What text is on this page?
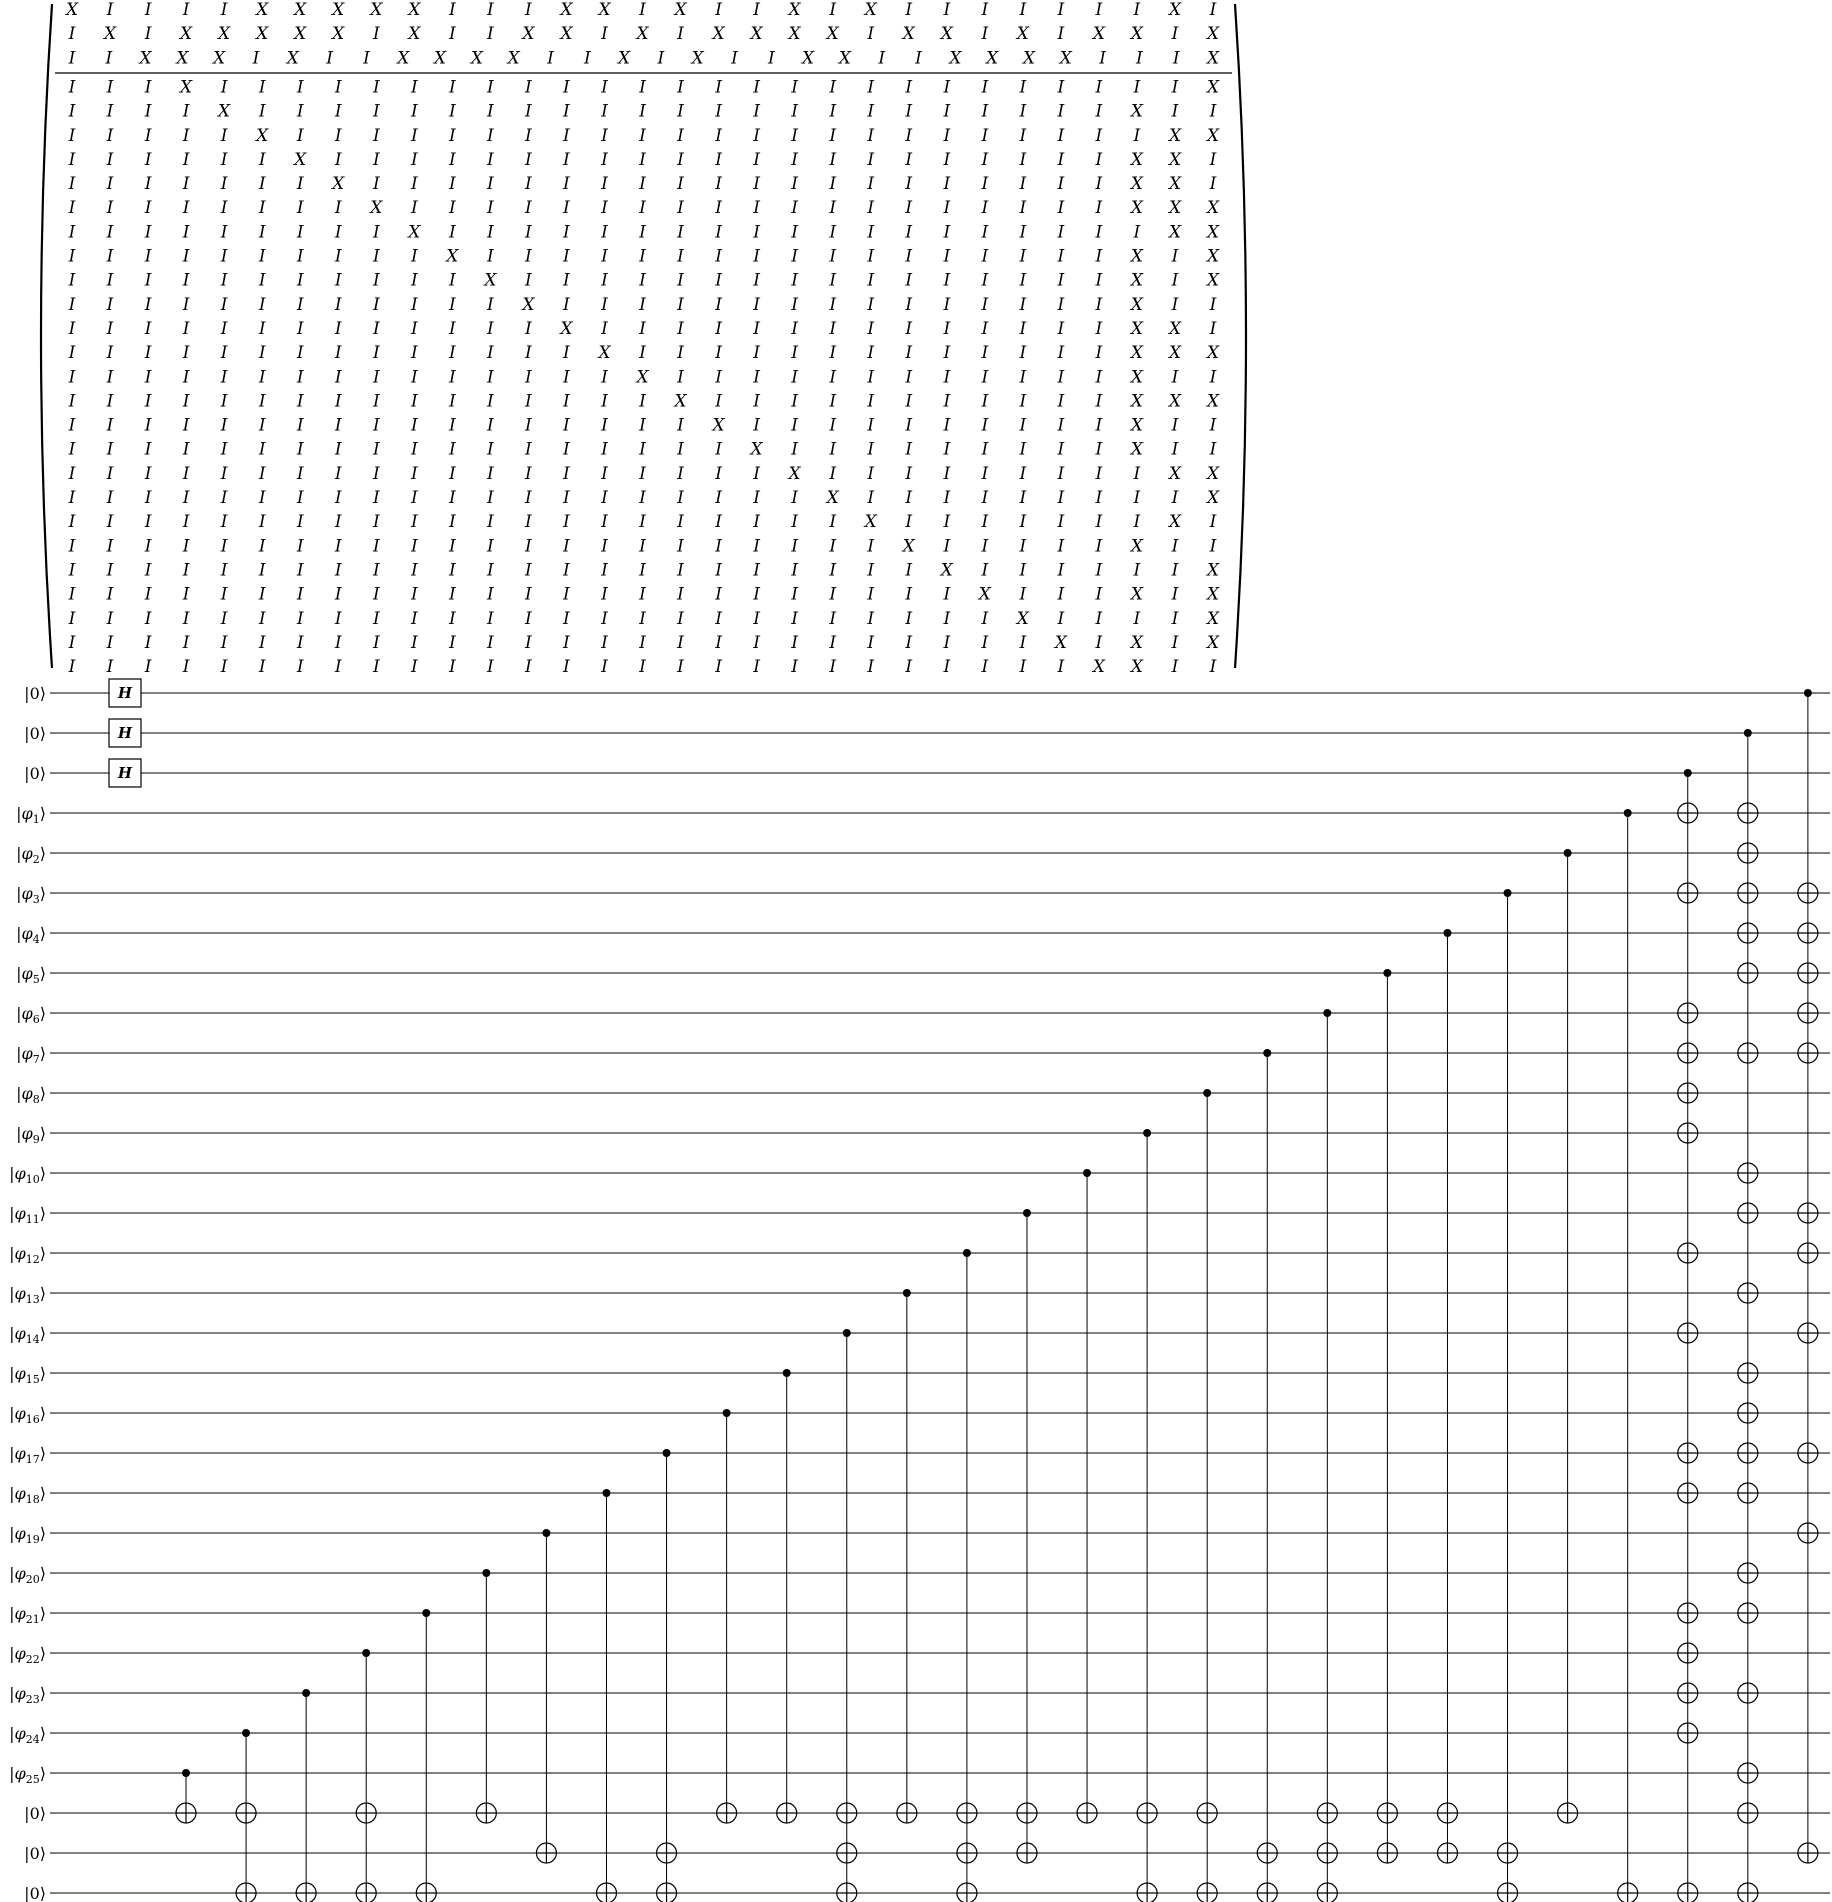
X I I I I X X X X X I I I X X I X I I X I X I I I I I I I X I
I X I X X X X X I X I I X X I X I X X X X I X X I X I X X I X
I I X X X I X I I X X X X I I X I X I I X X I I X X X X I I I X
I I I X I I I I I I I I I I I I I I I I I I I I I I I I I I X
I I I I X I I I I I I I I I I I I I I I I I I I I I I I X I I
I I I I I X I I I I I I I I I I I I I I I I I I I I I I I X X
I I I I I I X I I I I I I I I I I I I I I I I I I I I I X X I
I I I I I I I X I I I I I I I I I I I I I I I I I I I I X X I
I I I I I I I I X I I I I I I I I I I I I I I I I I I I X X X
I I I I I I I I I X I I I I I I I I I I I I I I I I I I I X X
I I I I I I I I I I X I I I I I I I I I I I I I I I I I X I X
I I I I I I I I I I I X I I I I I I I I I I I I I I I I X I X
I I I I I I I I I I I I X I I I I I I I I I I I I I I I X I I
I I I I I I I I I I I I I X I I I I I I I I I I I I I I X X I
I I I I I I I I I I I I I I X I I I I I I I I I I I I I X X X
I I I I I I I I I I I I I I I X I I I I I I I I I I I I X I I
I I I I I I I I I I I I I I I I X I I I I I I I I I I I X X X
I I I I I I I I I I I I I I I I I X I I I I I I I I I I X I I
I I I I I I I I I I I I I I I I I I X I I I I I I I I I X I I
I I I I I I I I I I I I I I I I I I I X I I I I I I I I I X X
I I I I I I I I I I I I I I I I I I I I X I I I I I I I I I X
I I I I I I I I I I I I I I I I I I I I I X I I I I I I I X I
I I I I I I I I I I I I I I I I I I I I I I X I I I I I X I I
I I I I I I I I I I I I I I I I I I I I I I I X I I I I I I X
I I I I I I I I I I I I I I I I I I I I I I I I X I I I X I X
I I I I I I I I I I I I I I I I I I I I I I I I I X I I I I X
I I I I I I I I I I I I I I I I I I I I I I I I I I X I X I X
I I I I I I I I I I I I I I I I I I I I I I I I I I I X X I I
|0⟩
|0⟩
|0⟩
$|\varphi_1⟩$
$|\varphi_2⟩$
$|\varphi_3⟩$
$|\varphi_4⟩$
$|\varphi_5⟩$
$|\varphi_6⟩$
$|\varphi_7⟩$
$|\varphi_8⟩$
$|\varphi_9⟩$
$|\varphi_{10}⟩$
$|\varphi_{11}⟩$
$|\varphi_{12}⟩$
$|\varphi_{13}⟩$
$|\varphi_{14}⟩$
$|\varphi_{15}⟩$
$|\varphi_{16}⟩$
$|\varphi_{17}⟩$
$|\varphi_{18}⟩$
$|\varphi_{19}⟩$
$|\varphi_{20}⟩$
$|\varphi_{21}⟩$
$|\varphi_{22}⟩$
$|\varphi_{23}⟩$
$|\varphi_{24}⟩$
$|\varphi_{25}⟩$
|0⟩
|0⟩
|0⟩
H
H
H
